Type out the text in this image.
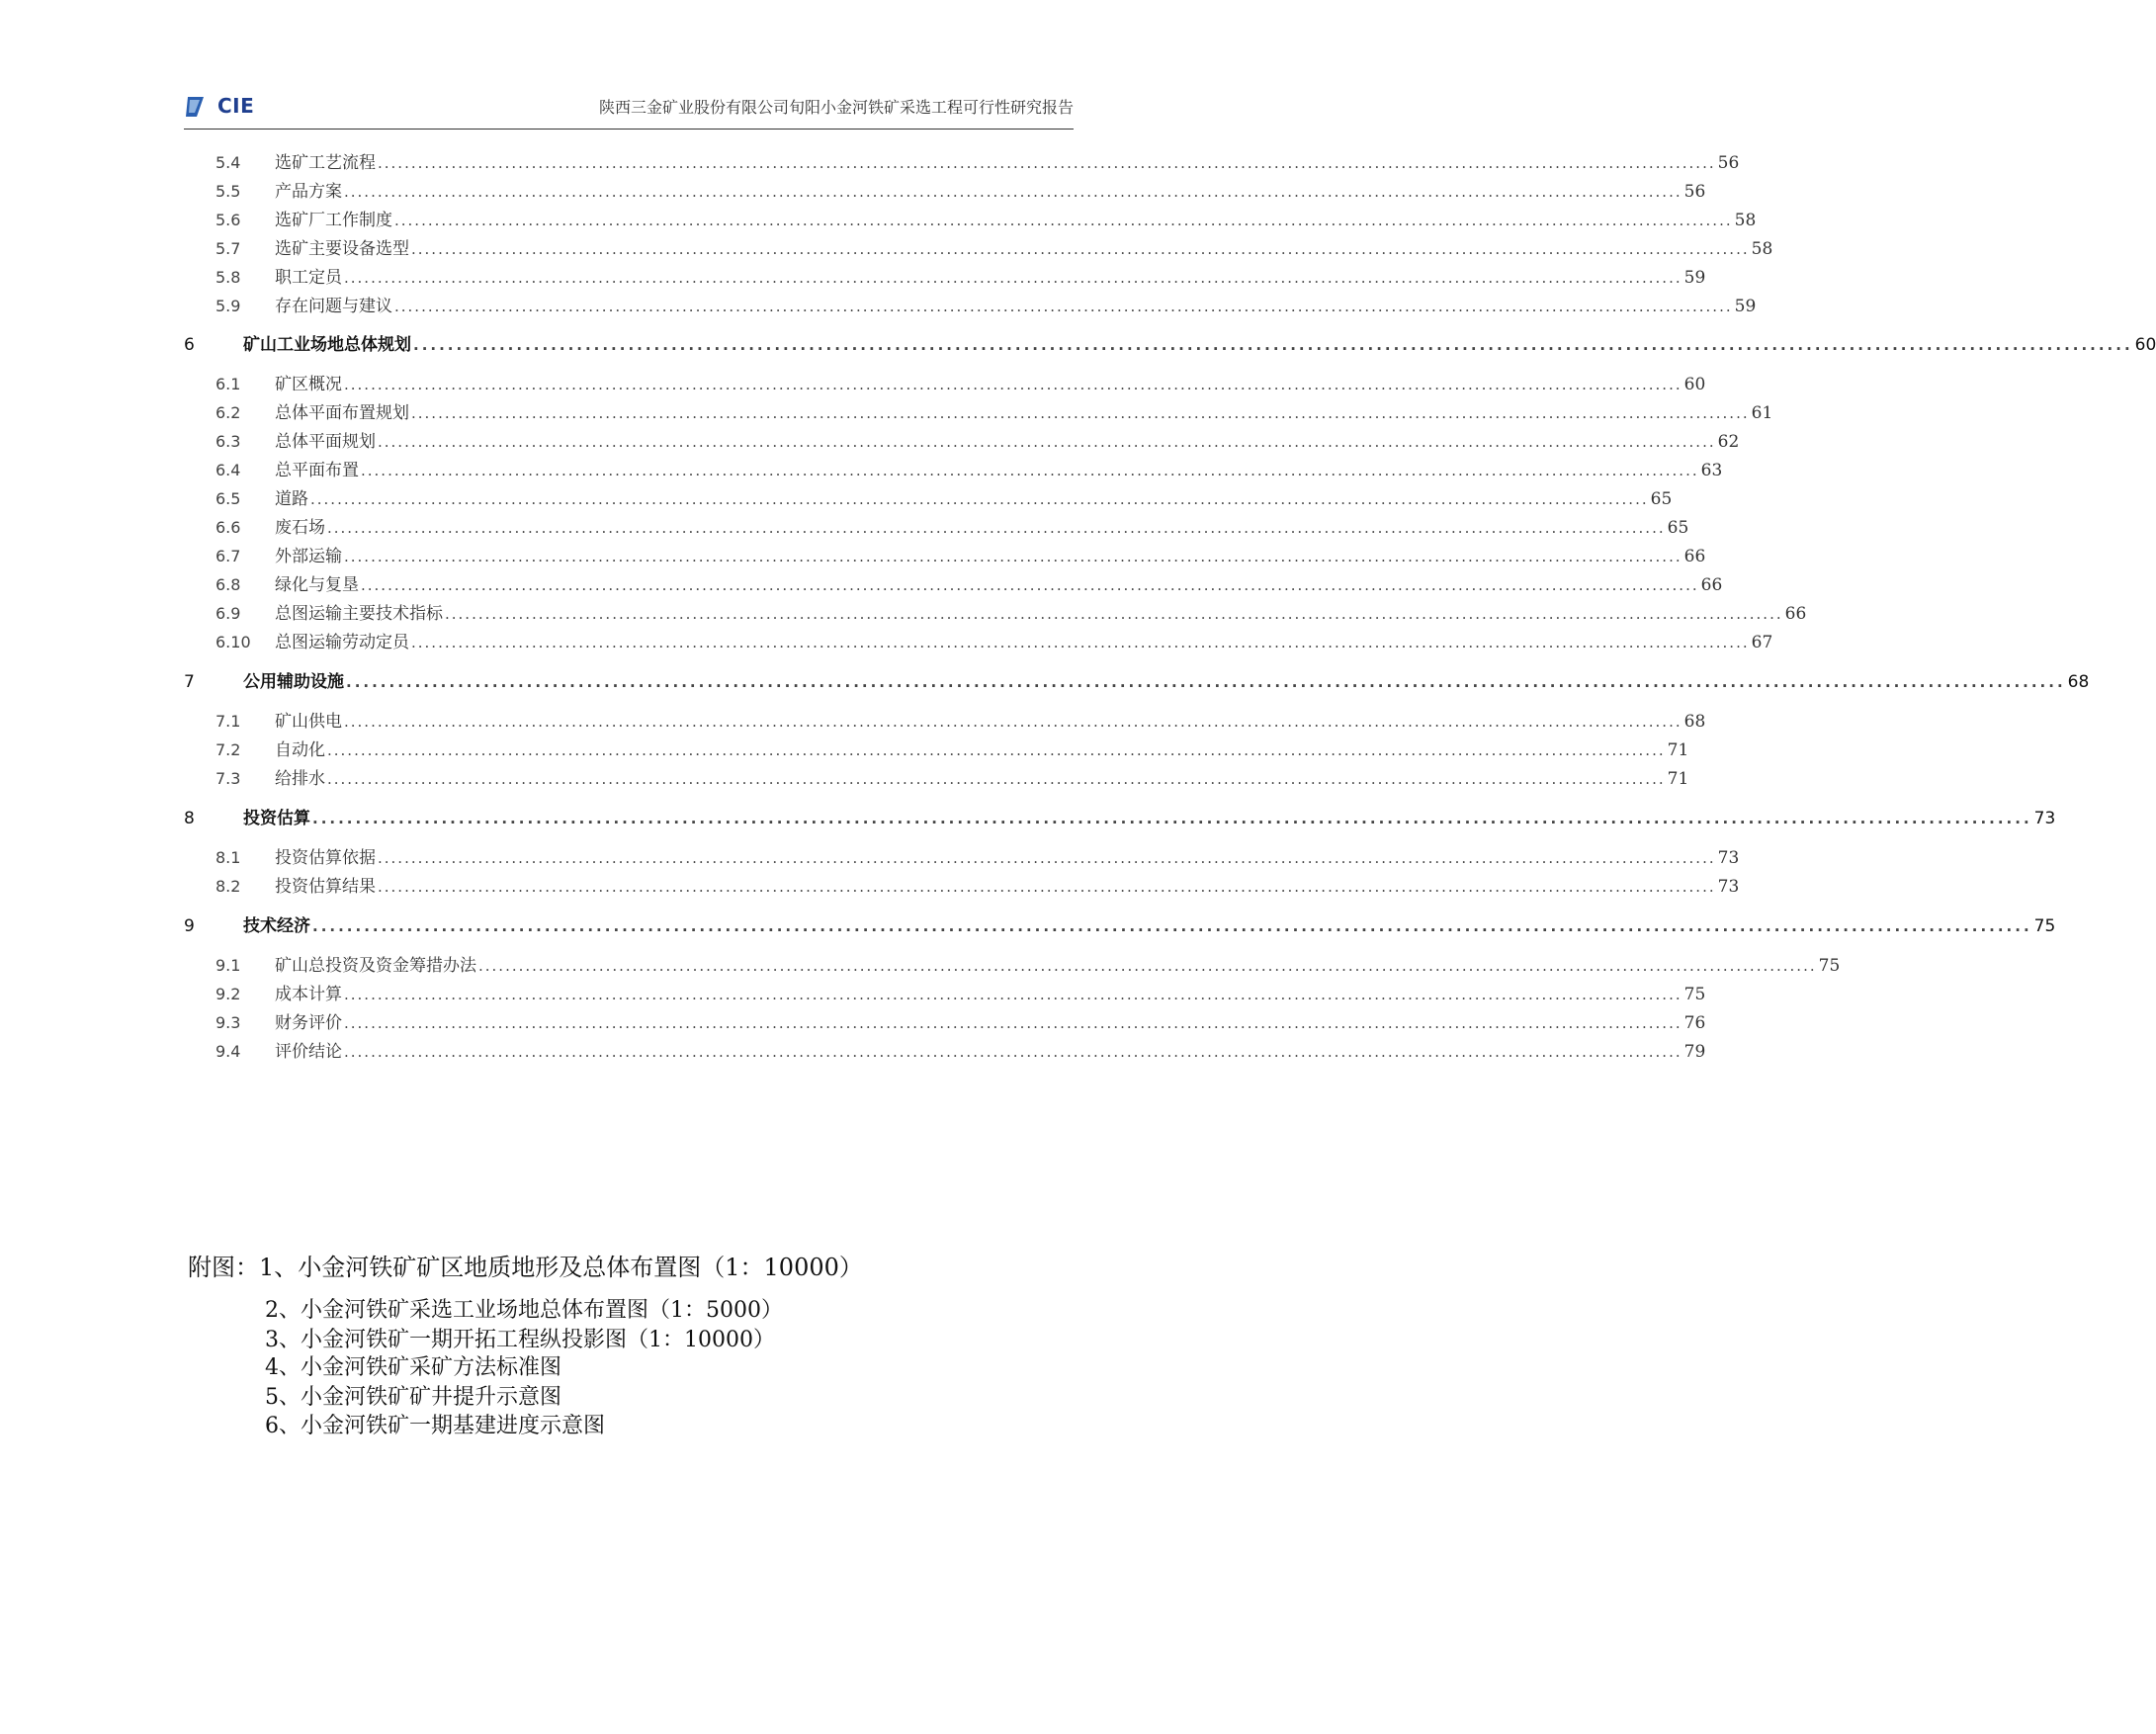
CIE	陕西三金矿业股份有限公司旬阳小金河铁矿采选工程可行性研究报告
5.4	选矿工艺流程 ........................................................................................................................................................................................................ 56
5.5	产品方案 ........................................................................................................................................................................................................ 56
5.6	选矿厂工作制度 ........................................................................................................................................................................................................ 58
5.7	选矿主要设备选型 ........................................................................................................................................................................................................ 58
5.8	职工定员 ........................................................................................................................................................................................................ 59
5.9	存在问题与建议 ........................................................................................................................................................................................................ 59
6	矿山工业场地总体规划 ........................................................................................................................................................................................................ 60
6.1	矿区概况 ........................................................................................................................................................................................................ 60
6.2	总体平面布置规划 ........................................................................................................................................................................................................ 61
6.3	总体平面规划 ........................................................................................................................................................................................................ 62
6.4	总平面布置 ........................................................................................................................................................................................................ 63
6.5	道路 ........................................................................................................................................................................................................ 65
6.6	废石场 ........................................................................................................................................................................................................ 65
6.7	外部运输 ........................................................................................................................................................................................................ 66
6.8	绿化与复垦 ........................................................................................................................................................................................................ 66
6.9	总图运输主要技术指标 ........................................................................................................................................................................................................ 66
6.10	总图运输劳动定员 ........................................................................................................................................................................................................ 67
7	公用辅助设施 ........................................................................................................................................................................................................ 68
7.1	矿山供电 ........................................................................................................................................................................................................ 68
7.2	自动化 ........................................................................................................................................................................................................ 71
7.3	给排水 ........................................................................................................................................................................................................ 71
8	投资估算 ........................................................................................................................................................................................................ 73
8.1	投资估算依据 ........................................................................................................................................................................................................ 73
8.2	投资估算结果 ........................................................................................................................................................................................................ 73
9	技术经济 ........................................................................................................................................................................................................ 75
9.1	矿山总投资及资金筹措办法 ........................................................................................................................................................................................................ 75
9.2	成本计算 ........................................................................................................................................................................................................ 75
9.3	财务评价 ........................................................................................................................................................................................................ 76
9.4	评价结论 ........................................................................................................................................................................................................ 79
附图：1、小金河铁矿矿区地质地形及总体布置图（1：10000）
2、小金河铁矿采选工业场地总体布置图（1：5000）
3、小金河铁矿一期开拓工程纵投影图（1：10000）
4、小金河铁矿采矿方法标准图
5、小金河铁矿矿井提升示意图
6、小金河铁矿一期基建进度示意图
